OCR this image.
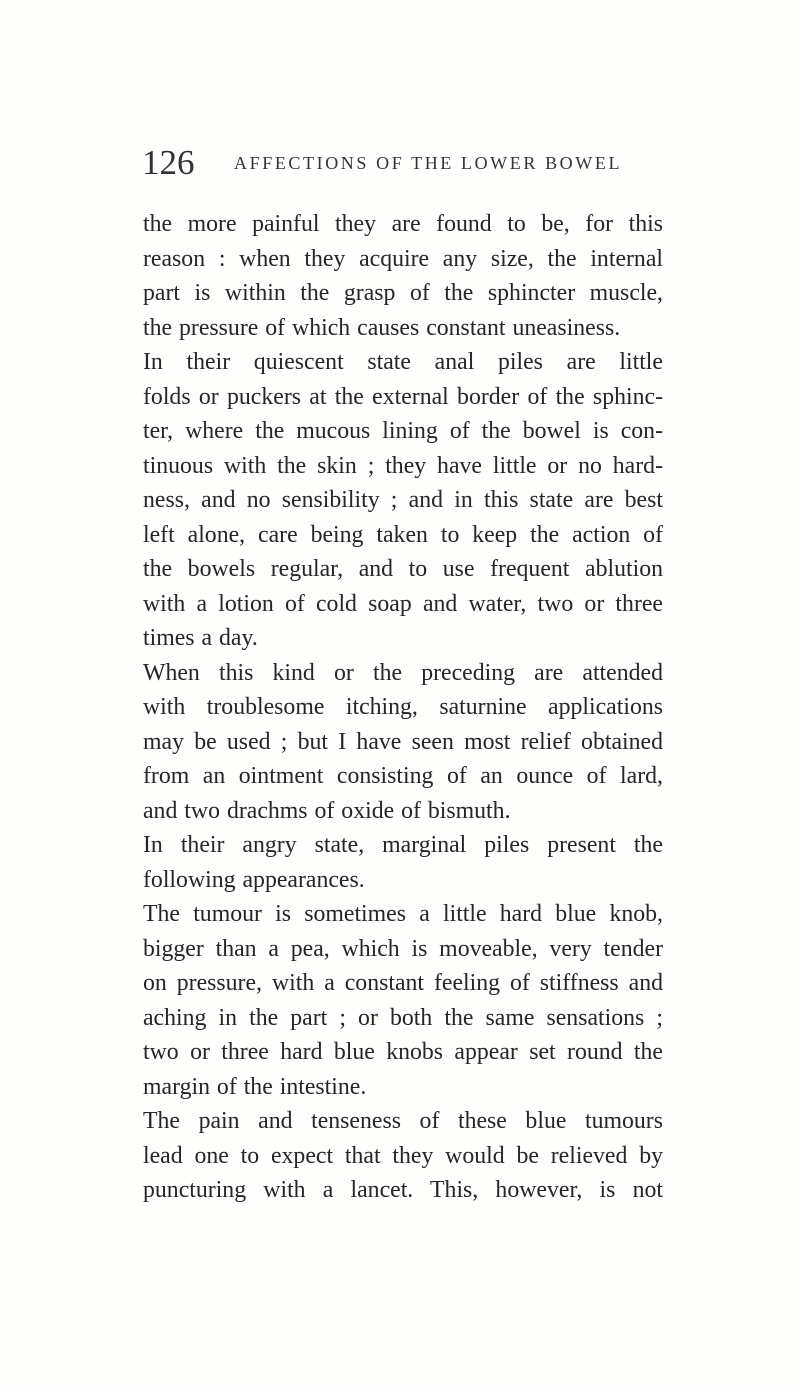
126 AFFECTIONS OF THE LOWER BOWEL
the more painful they are found to be, for this
reason : when they acquire any size, the internal
part is within the grasp of the sphincter muscle,
the pressure of which causes constant uneasiness.
In their quiescent state anal piles are little
folds or puckers at the external border of the sphinc-
ter, where the mucous lining of the bowel is con-
tinuous with the skin ; they have little or no hard-
ness, and no sensibility ; and in this state are best
left alone, care being taken to keep the action of
the bowels regular, and to use frequent ablution
with a lotion of cold soap and water, two or three
times a day.
When this kind or the preceding are attended
with troublesome itching, saturnine applications
may be used ; but I have seen most relief obtained
from an ointment consisting of an ounce of lard,
and two drachms of oxide of bismuth.
In their angry state, marginal piles present the
following appearances.
The tumour is sometimes a little hard blue knob,
bigger than a pea, which is moveable, very tender
on pressure, with a constant feeling of stiffness and
aching in the part ; or both the same sensations ;
two or three hard blue knobs appear set round the
margin of the intestine.
The pain and tenseness of these blue tumours
lead one to expect that they would be relieved by
puncturing with a lancet. This, however, is not
